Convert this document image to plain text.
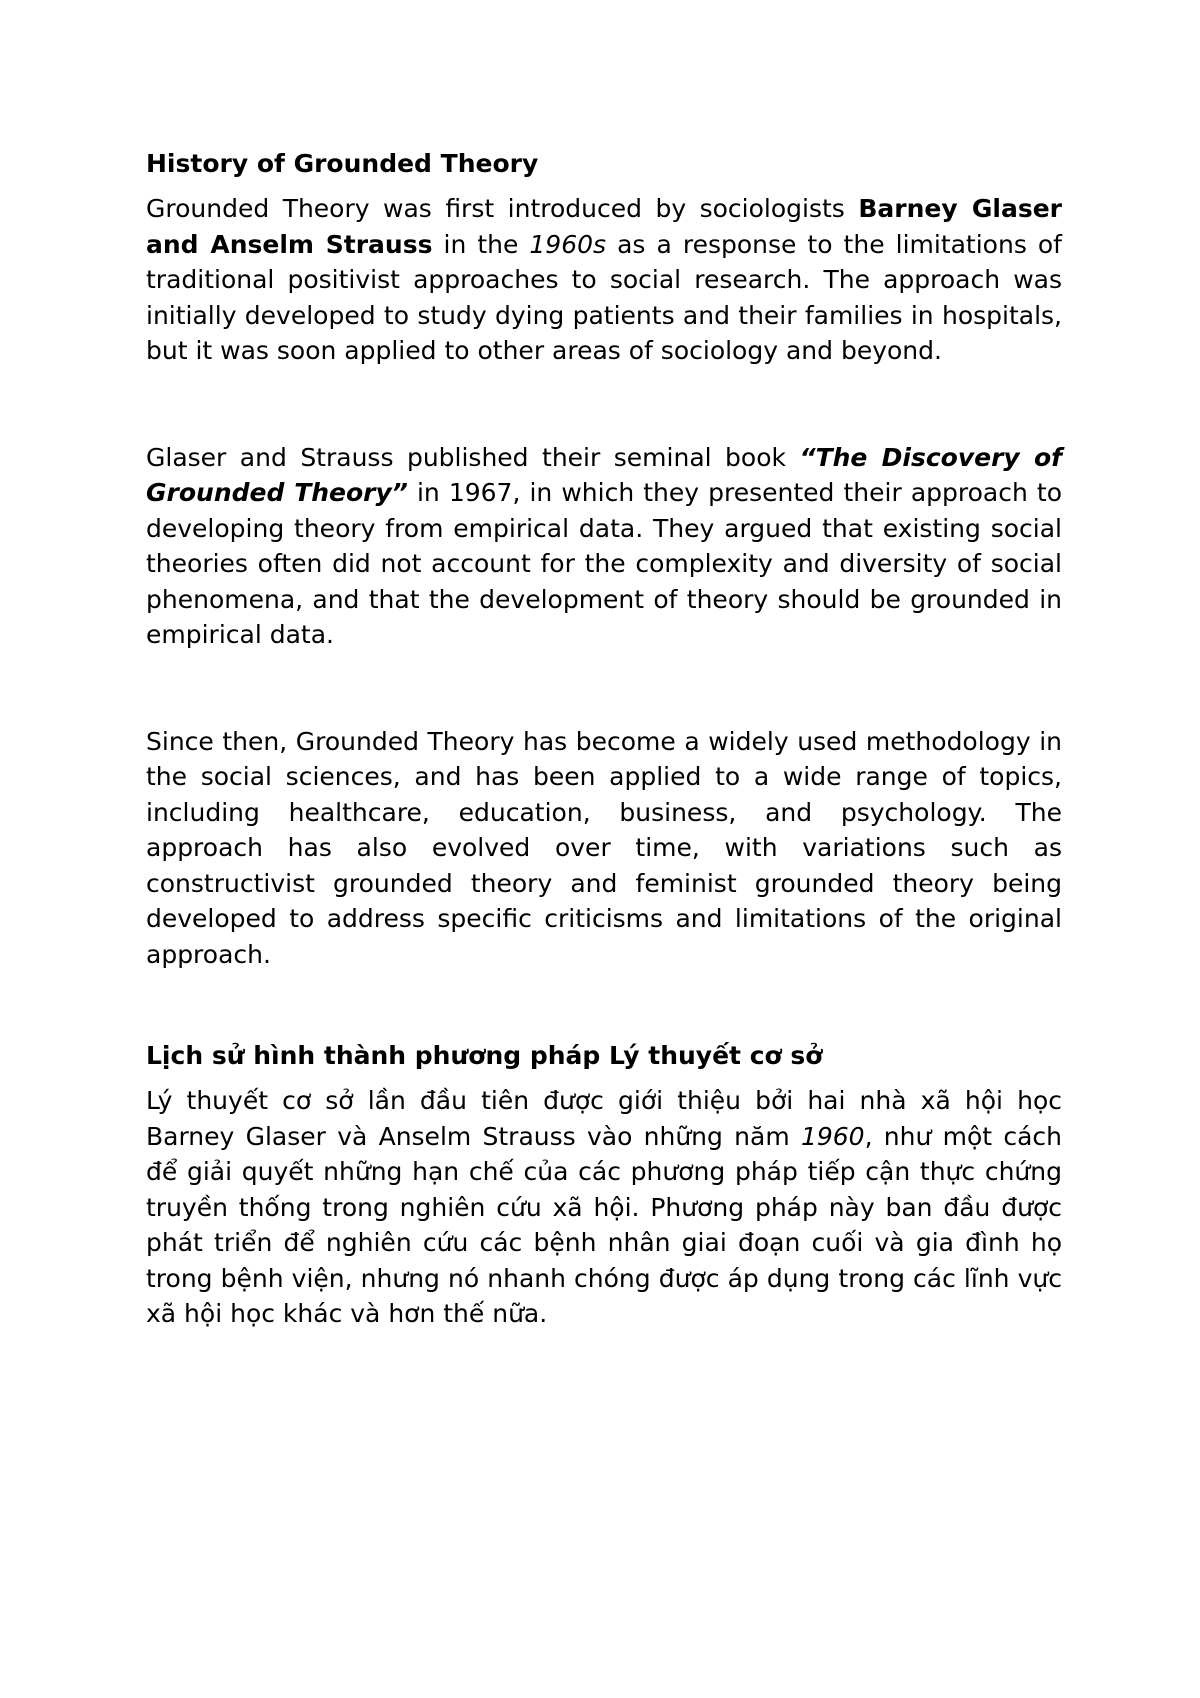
History of Grounded Theory

Grounded Theory was first introduced by sociologists Barney Glaser and Anselm Strauss in the 1960s as a response to the limitations of traditional positivist approaches to social research. The approach was initially developed to study dying patients and their families in hospitals, but it was soon applied to other areas of sociology and beyond.

Glaser and Strauss published their seminal book “The Discovery of Grounded Theory” in 1967, in which they presented their approach to developing theory from empirical data. They argued that existing social theories often did not account for the complexity and diversity of social phenomena, and that the development of theory should be grounded in empirical data.

Since then, Grounded Theory has become a widely used methodology in the social sciences, and has been applied to a wide range of topics, including healthcare, education, business, and psychology. The approach has also evolved over time, with variations such as constructivist grounded theory and feminist grounded theory being developed to address specific criticisms and limitations of the original approach.

Lịch sử hình thành phương pháp Lý thuyết cơ sở

Lý thuyết cơ sở lần đầu tiên được giới thiệu bởi hai nhà xã hội học Barney Glaser và Anselm Strauss vào những năm 1960, như một cách để giải quyết những hạn chế của các phương pháp tiếp cận thực chứng truyền thống trong nghiên cứu xã hội. Phương pháp này ban đầu được phát triển để nghiên cứu các bệnh nhân giai đoạn cuối và gia đình họ trong bệnh viện, nhưng nó nhanh chóng được áp dụng trong các lĩnh vực xã hội học khác và hơn thế nữa.
